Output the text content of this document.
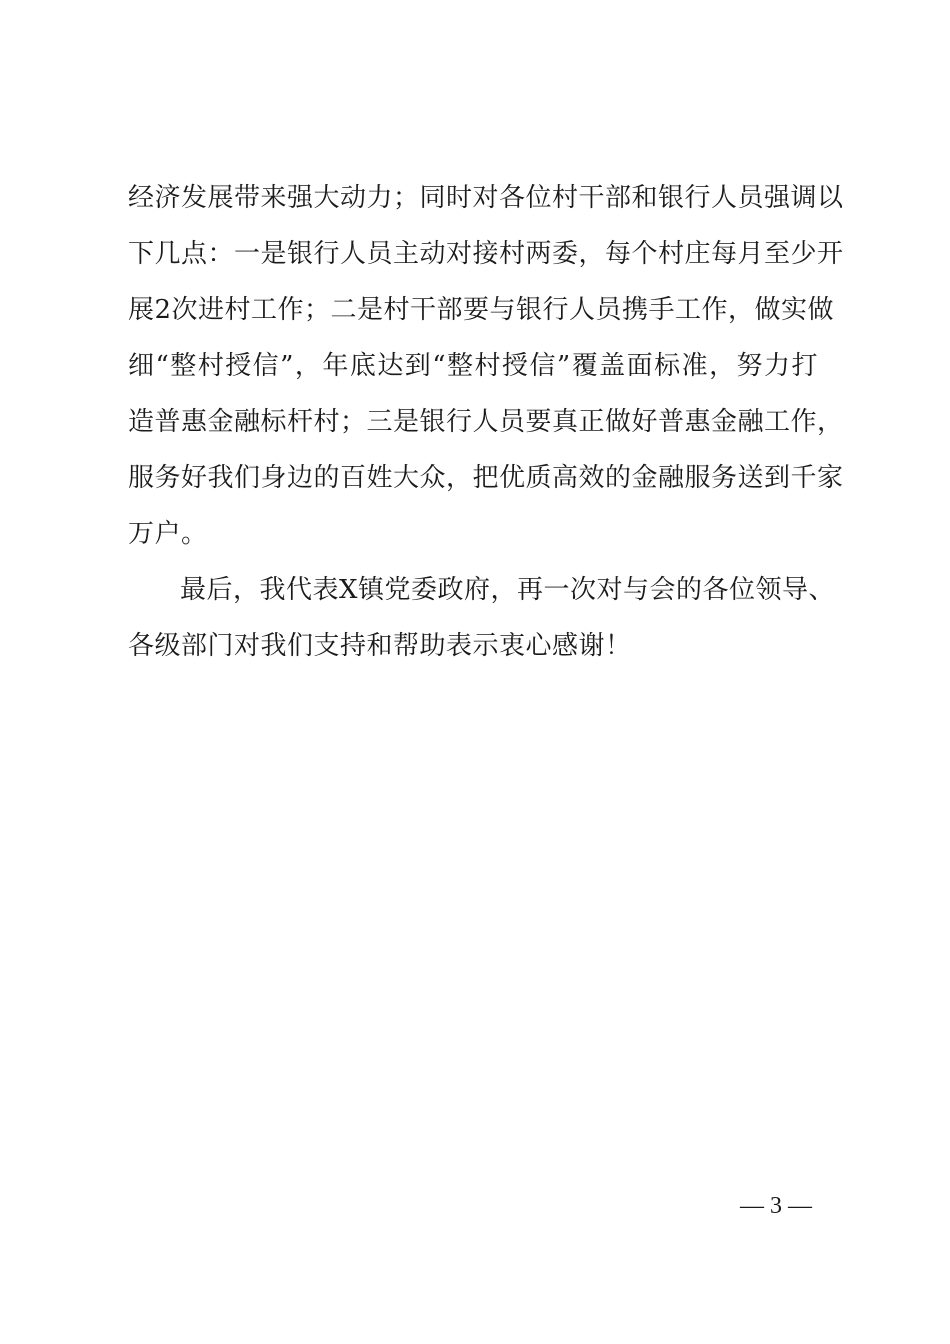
经济发展带来强大动力；同时对各位村干部和银行人员强调以
下几点：一是银行人员主动对接村两委，每个村庄每月至少开
展2次进村工作；二是村干部要与银行人员携手工作，做实做
细“整村授信”，年底达到“整村授信”覆盖面标准，努力打
造普惠金融标杆村；三是银行人员要真正做好普惠金融工作，
服务好我们身边的百姓大众，把优质高效的金融服务送到千家
万户。
最后，我代表X镇党委政府，再一次对与会的各位领导、
各级部门对我们支持和帮助表示衷心感谢！
— 3 —
